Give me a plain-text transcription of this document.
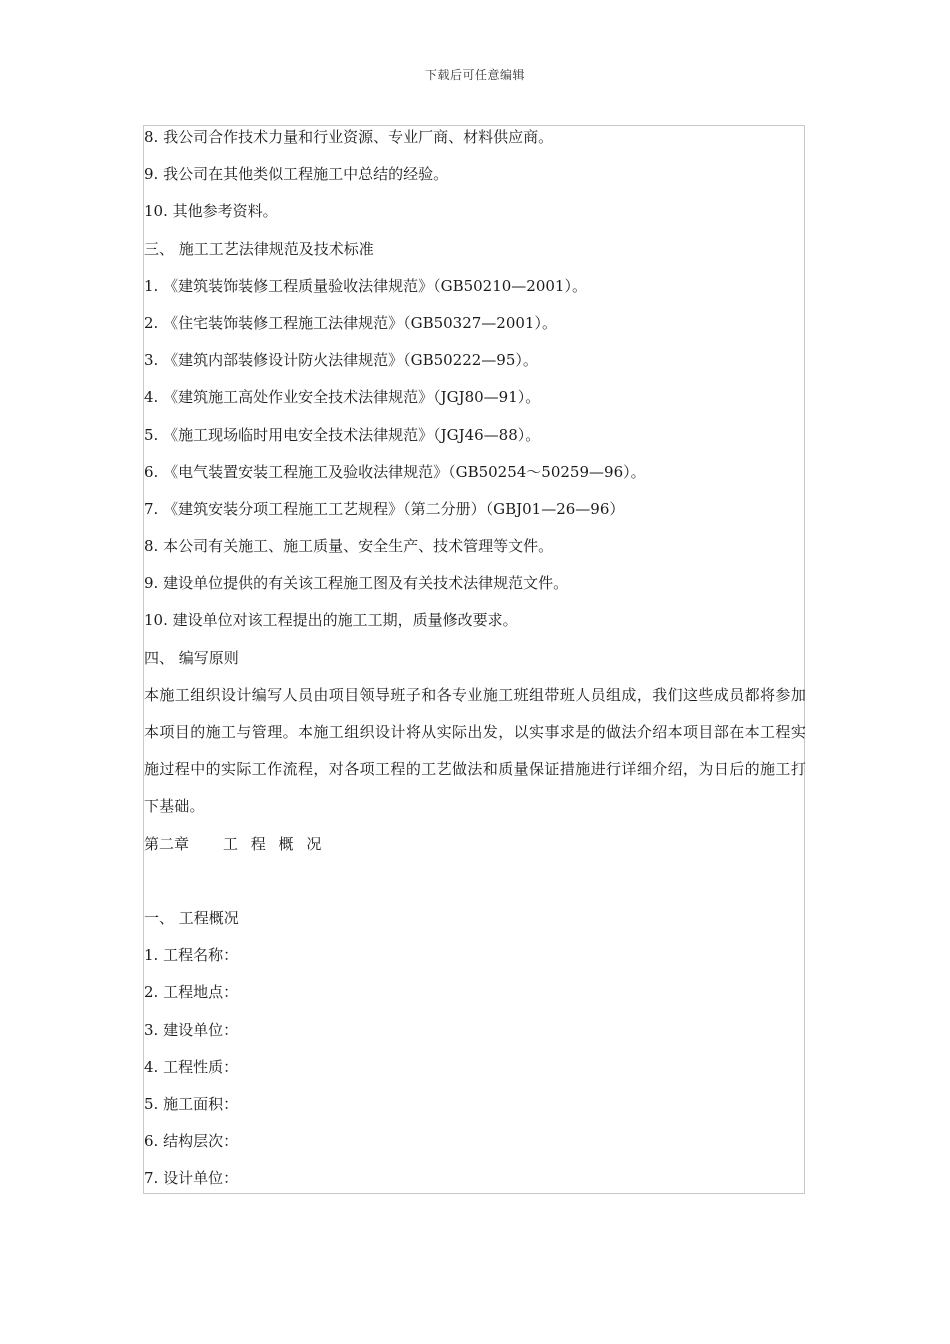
下载后可任意编辑
8. 我公司合作技术力量和行业资源、专业厂商、材料供应商。
9. 我公司在其他类似工程施工中总结的经验。
10. 其他参考资料。
三、 施工工艺法律规范及技术标准
1. 《建筑装饰装修工程质量验收法律规范》（GB50210—2001）。
2. 《住宅装饰装修工程施工法律规范》（GB50327—2001）。
3. 《建筑内部装修设计防火法律规范》（GB50222—95）。
4. 《建筑施工高处作业安全技术法律规范》（JGJ80—91）。
5. 《施工现场临时用电安全技术法律规范》（JGJ46—88）。
6. 《电气装置安装工程施工及验收法律规范》（GB50254～50259—96）。
7. 《建筑安装分项工程施工工艺规程》（第二分册）（GBJ01—26—96）
8. 本公司有关施工、施工质量、安全生产、技术管理等文件。
9. 建设单位提供的有关该工程施工图及有关技术法律规范文件。
10. 建设单位对该工程提出的施工工期，质量修改要求。
四、 编写原则

本施工组织设计编写人员由项目领导班子和各专业施工班组带班人员组成，我们这些成员都将参加本项目的施工与管理。本施工组织设计将从实际出发，以实事求是的做法介绍本项目部在本工程实施过程中的实际工作流程，对各项工程的工艺做法和质量保证措施进行详细介绍，为日后的施工打下基础。

第二章 工 程 概 况
一、 工程概况
1. 工程名称：
2. 工程地点：
3. 建设单位：
4. 工程性质：
5. 施工面积：
6. 结构层次：
7. 设计单位：
